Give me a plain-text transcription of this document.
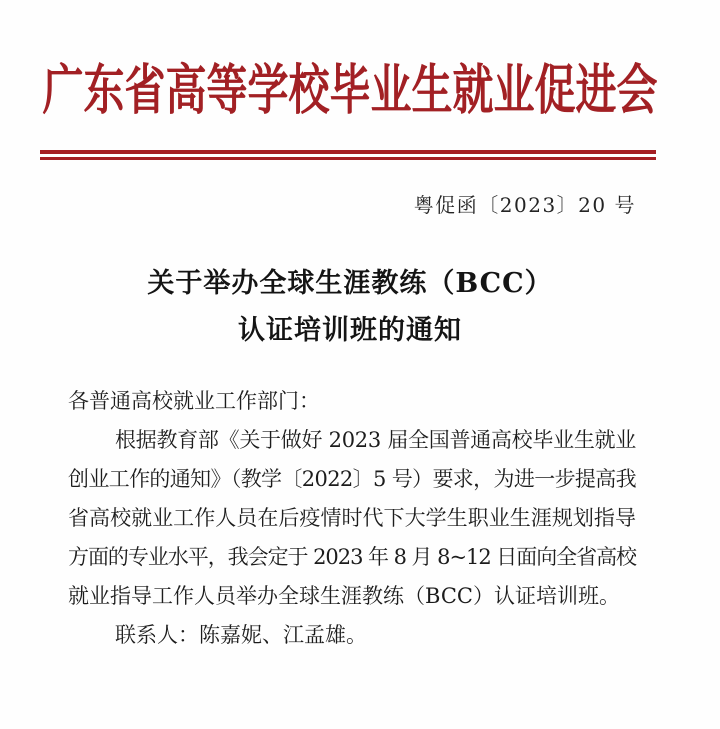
广东省高等学校毕业生就业促进会
粤促函〔2023〕20 号
关于举办全球生涯教练（BCC）
认证培训班的通知
各普通高校就业工作部门：
根据教育部《关于做好 2023 届全国普通高校毕业生就业
创业工作的通知》（教学〔2022〕5 号）要求，为进一步提高我
省高校就业工作人员在后疫情时代下大学生职业生涯规划指导
方面的专业水平，我会定于 2023 年 8 月 8~12 日面向全省高校
就业指导工作人员举办全球生涯教练（BCC）认证培训班。
联系人：陈嘉妮、江孟雄。
